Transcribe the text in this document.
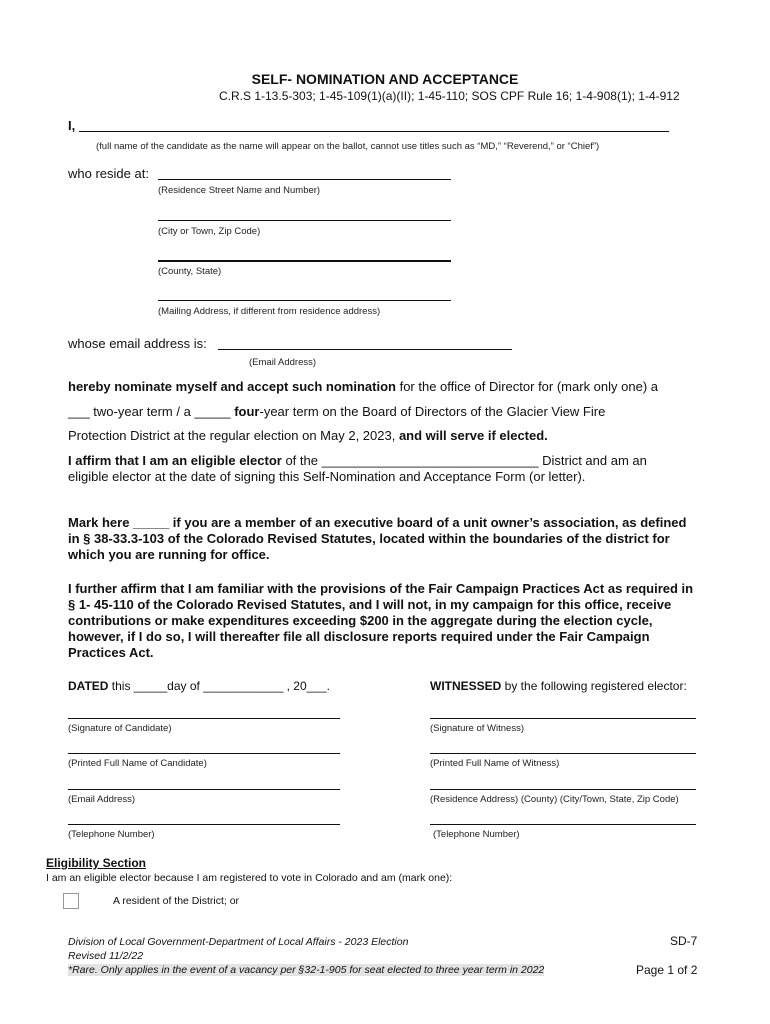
SELF- NOMINATION AND ACCEPTANCE
C.R.S 1-13.5-303; 1-45-109(1)(a)(II); 1-45-110; SOS CPF Rule 16; 1-4-908(1); 1-4-912
I,
(full name of the candidate as the name will appear on the ballot, cannot use titles such as “MD,” “Reverend,” or “Chief”)
who reside at:
(Residence Street Name and Number)
(City or Town, Zip Code)
(County, State)
(Mailing Address, if different from residence address)
whose email address is:
(Email Address)
hereby nominate myself and accept such nomination for the office of Director for (mark only one) a
___ two-year term / a _____ four-year term on the Board of Directors of the Glacier View Fire
Protection District at the regular election on May 2, 2023, and will serve if elected.
I affirm that I am an eligible elector of the ______________________________ District and am an
eligible elector at the date of signing this Self-Nomination and Acceptance Form (or letter).
Mark here _____ if you are a member of an executive board of a unit owner’s association, as defined in § 38-33.3-103 of the Colorado Revised Statutes, located within the boundaries of the district for which you are running for office.
I further affirm that I am familiar with the provisions of the Fair Campaign Practices Act as required in § 1- 45-110 of the Colorado Revised Statutes, and I will not, in my campaign for this office, receive contributions or make expenditures exceeding $200 in the aggregate during the election cycle, however, if I do so, I will thereafter file all disclosure reports required under the Fair Campaign Practices Act.
DATED this _____day of ____________ , 20___.	WITNESSED by the following registered elector:
(Signature of Candidate)
(Printed Full Name of Candidate)
(Email Address)
(Telephone Number)
(Signature of Witness)
(Printed Full Name of Witness)
(Residence Address) (County) (City/Town, State, Zip Code)
(Telephone Number)
Eligibility Section
I am an eligible elector because I am registered to vote in Colorado and am (mark one):
A resident of the District; or
Division of Local Government-Department of Local Affairs - 2023 Election
Revised 11/2/22
*Rare. Only applies in the event of a vacancy per §32-1-905 for seat elected to three year term in 2022
SD-7
Page 1 of 2
